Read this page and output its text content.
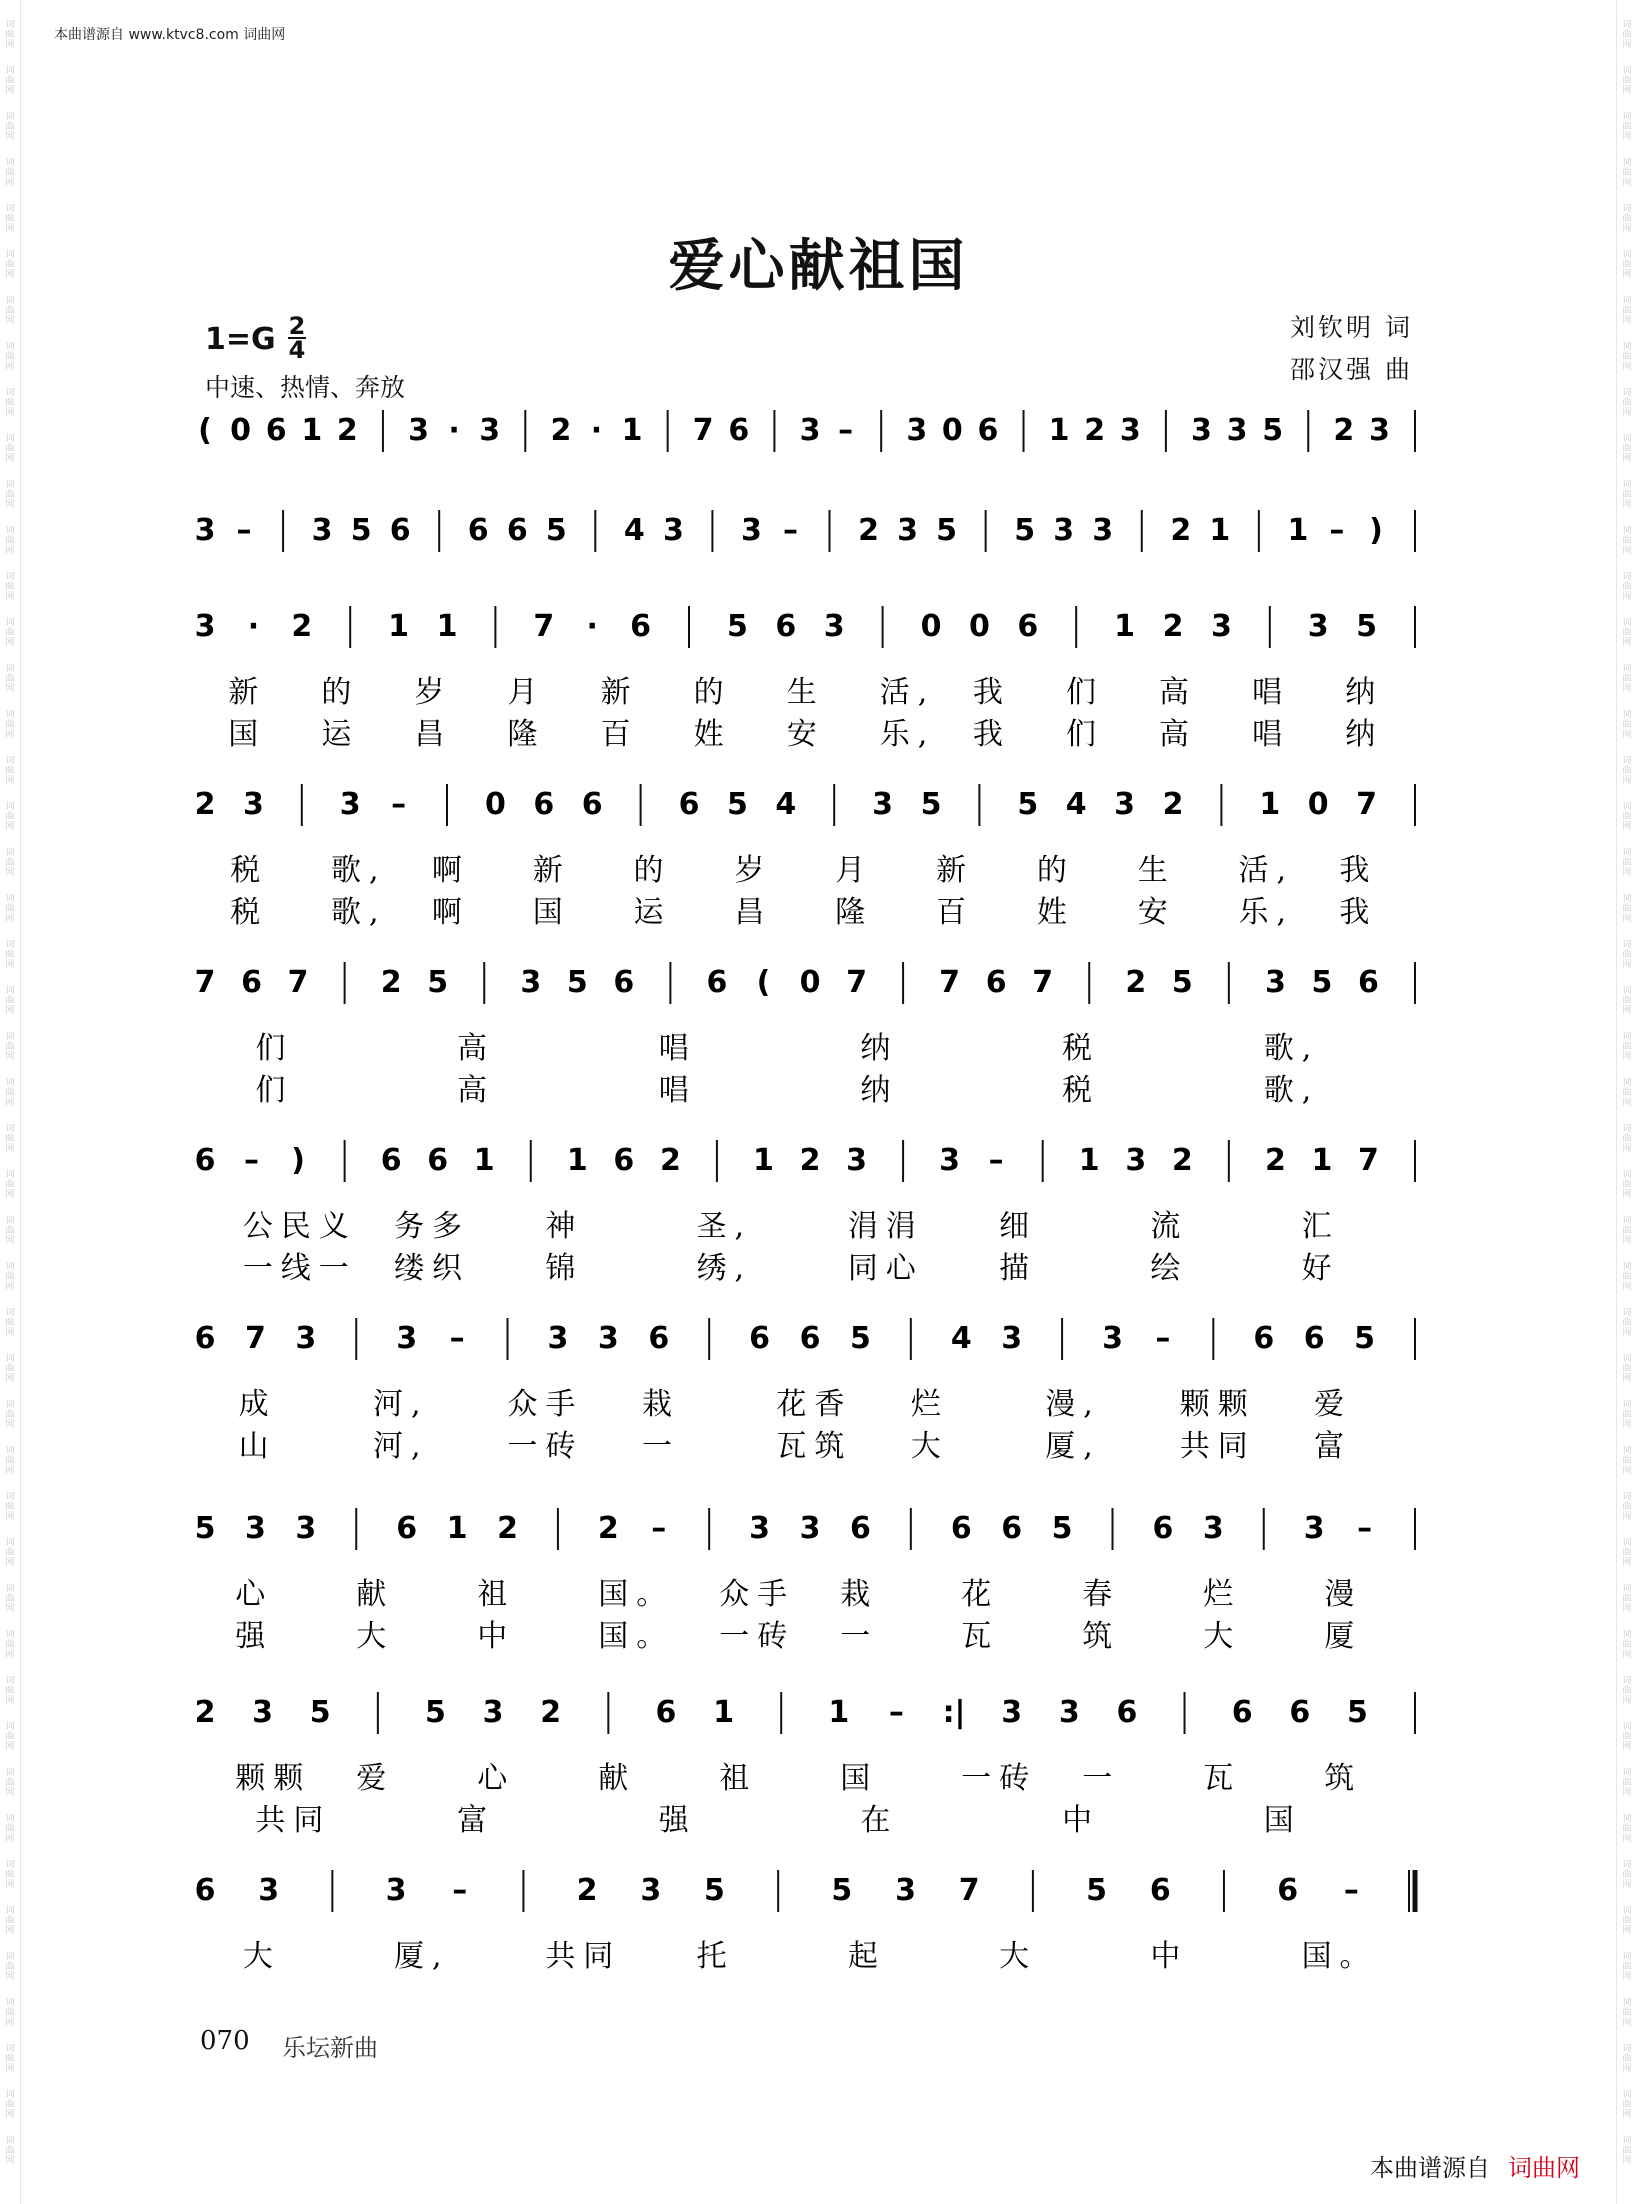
词
曲
网
词
曲
网
词
曲
网
词
曲
网
词
曲
网
词
曲
网
词
曲
网
词
曲
网
词
曲
网
词
曲
网
词
曲
网
词
曲
网
词
曲
网
词
曲
网
词
曲
网
词
曲
网
词
曲
网
词
曲
网
词
曲
网
词
曲
网
词
曲
网
词
曲
网
词
曲
网
词
曲
网
词
曲
网
词
曲
网
词
曲
网
词
曲
网
词
曲
网
词
曲
网
词
曲
网
词
曲
网
词
曲
网
词
曲
网
词
曲
网
词
曲
网
词
曲
网
词
曲
网
词
曲
网
词
曲
网
词
曲
网
词
曲
网
词
曲
网
词
曲
网
词
曲
网
词
曲
网
词
曲
网
词
曲
网
词
曲
网
词
曲
网
词
曲
网
词
曲
网
词
曲
网
词
曲
网
词
曲
网
词
曲
网
词
曲
网
词
曲
网
词
曲
网
词
曲
网
词
曲
网
词
曲
网
词
曲
网
词
曲
网
词
曲
网
词
曲
网
词
曲
网
词
曲
网
词
曲
网
词
曲
网
词
曲
网
词
曲
网
词
曲
网
词
曲
网
词
曲
网
词
曲
网
词
曲
网
词
曲
网
词
曲
网
词
曲
网
词
曲
网
词
曲
网
词
曲
网
词
曲
网
词
曲
网
词
曲
网
词
曲
网
词
曲
网
词
曲
网
词
曲
网
词
曲
网
词
曲
网
词
曲
网
词
曲
网
本曲谱源自 www.ktvc8.com 词曲网
爱心献祖国
1=G 2
4
中速、热情、奔放
刘钦明 词
邵汉强 曲
( 0 6 1 2 3 · 3 2 · 1 7 6 3 – 3 0 6 1 2 3 3 3 5 2 3
3 – 3 5 6 6 6 5 4 3 3 – 2 3 5 5 3 3 2 1 1 – )
3 · 2	1 1	7 · 6	5 6 3	0 0 6	1 2 3	3 5
新 的 岁 月 新 的 生 活, 我 们 高 唱 纳
国 运 昌 隆 百 姓 安 乐, 我 们 高 唱 纳
2 3	3 –	0 6 6	6 5 4	3 5	5 4 3 2	1 0 7
税 歌, 啊 新 的 岁 月 新 的 生 活, 我
税 歌, 啊 国 运 昌 隆 百 姓 安 乐, 我
7 6 7 2 5 3 5 6 6 ( 0 7 7 6 7 2 5 3 5 6
们	高	唱	纳	税	歌,
们	高	唱	纳	税	歌,
6 – )	6 6 1 1 6 2 1 2 3 3 –	1 3 2 2 1 7
公民义 务多	神	圣,	涓涓	细	流	汇
一线一 缕织	锦	绣,	同心	描	绘	好
6 7 3	3 –	3 3 6	6 6 5	4 3	3 –	6 6 5
成	河,	众手 栽	花香 烂	漫,	颗颗 爱
山	河,	一砖 一	瓦筑 大	厦,	共同 富
5 3 3	6 1 2	2 –	3 3 6	6 6 5	6 3	3 –
心	献	祖	国。 众手 栽	花	春	烂	漫
强	大	中	国。 一砖 一	瓦	筑	大	厦
2 3 5	5 3 2	6 1	1 – :| 3 3 6	6 6 5
颗颗 爱	心	献	祖	国	一砖 一	瓦	筑
共同	富	强	在	中	国
6 3	3 –	2 3 5	5 3 7	5 6	6 –
大	厦,	共同	托	起	大	中	国。
070 乐坛新曲
本曲谱源自 词曲网
